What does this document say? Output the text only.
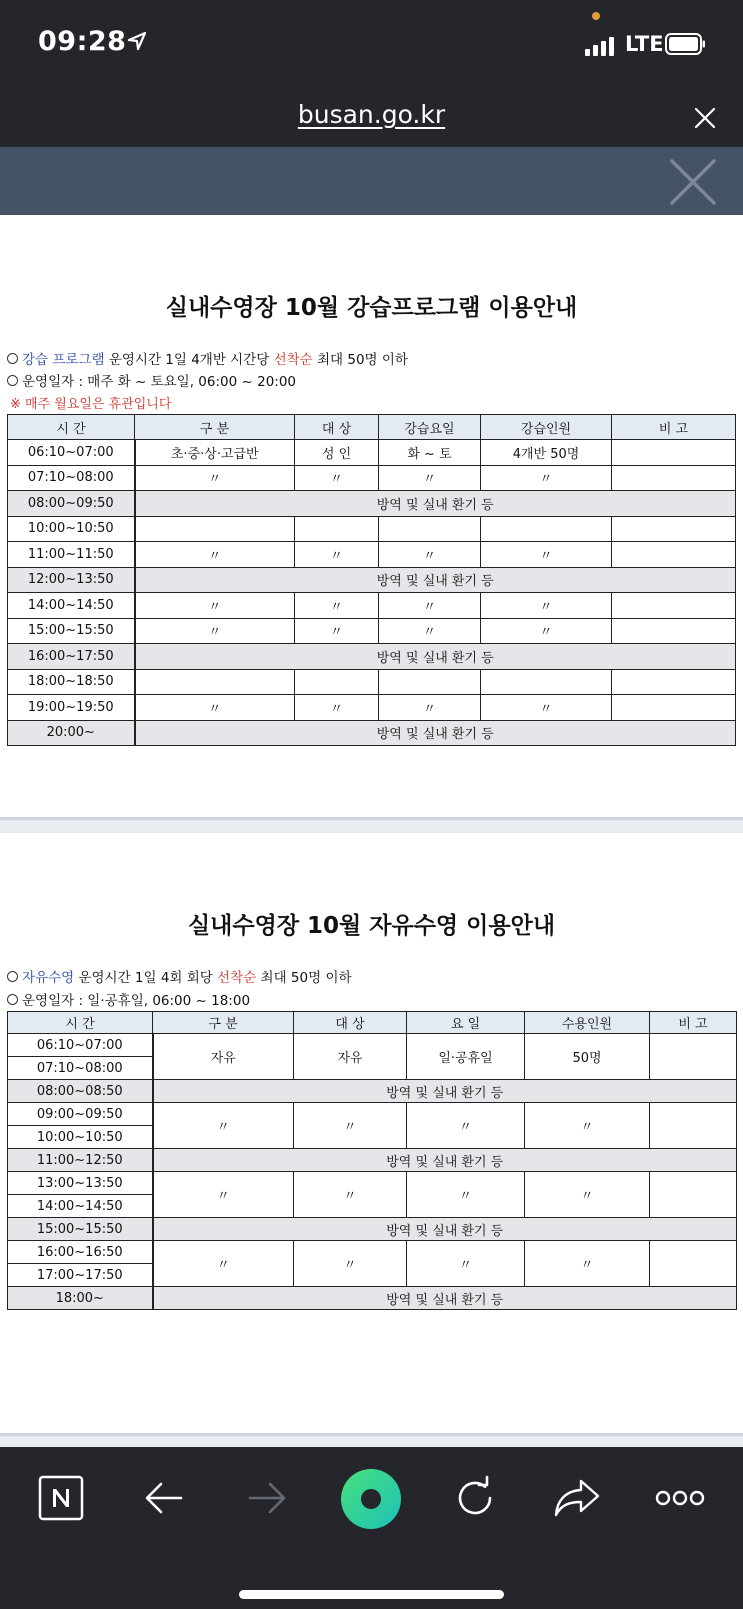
09:28	LTE
busan.go.kr
실내수영장 10월 강습프로그램 이용안내
강습 프로그램 운영시간 1일 4개반 시간당 선착순 최대 50명 이하
운영일자 : 매주 화 ~ 토요일, 06:00 ~ 20:00
※ 매주 월요일은 휴관입니다
시 간	구 분	대 상	강습요일	강습인원	비 고
06:10~07:00	초·중·상·고급반	성 인	화 ~ 토	4개반 50명	
07:10~08:00	〃	〃	〃	〃	
08:00~09:50	방역 및 실내 환기 등				
10:00~10:50					
11:00~11:50	〃	〃	〃	〃	
12:00~13:50	방역 및 실내 환기 등				
14:00~14:50	〃	〃	〃	〃	
15:00~15:50	〃	〃	〃	〃	
16:00~17:50	방역 및 실내 환기 등				
18:00~18:50					
19:00~19:50	〃	〃	〃	〃	
20:00~	방역 및 실내 환기 등				
실내수영장 10월 자유수영 이용안내
자유수영 운영시간 1일 4회 회당 선착순 최대 50명 이하
운영일자 : 일·공휴일, 06:00 ~ 18:00
시 간	구 분	대 상	요 일	수용인원	비 고
06:10~07:00	자유	자유	일·공휴일	50명	
07:10~08:00					
08:00~08:50	방역 및 실내 환기 등				
09:00~09:50	〃	〃	〃	〃	
10:00~10:50					
11:00~12:50	방역 및 실내 환기 등				
13:00~13:50	〃	〃	〃	〃	
14:00~14:50					
15:00~15:50	방역 및 실내 환기 등				
16:00~16:50	〃	〃	〃	〃	
17:00~17:50					
18:00~	방역 및 실내 환기 등				
